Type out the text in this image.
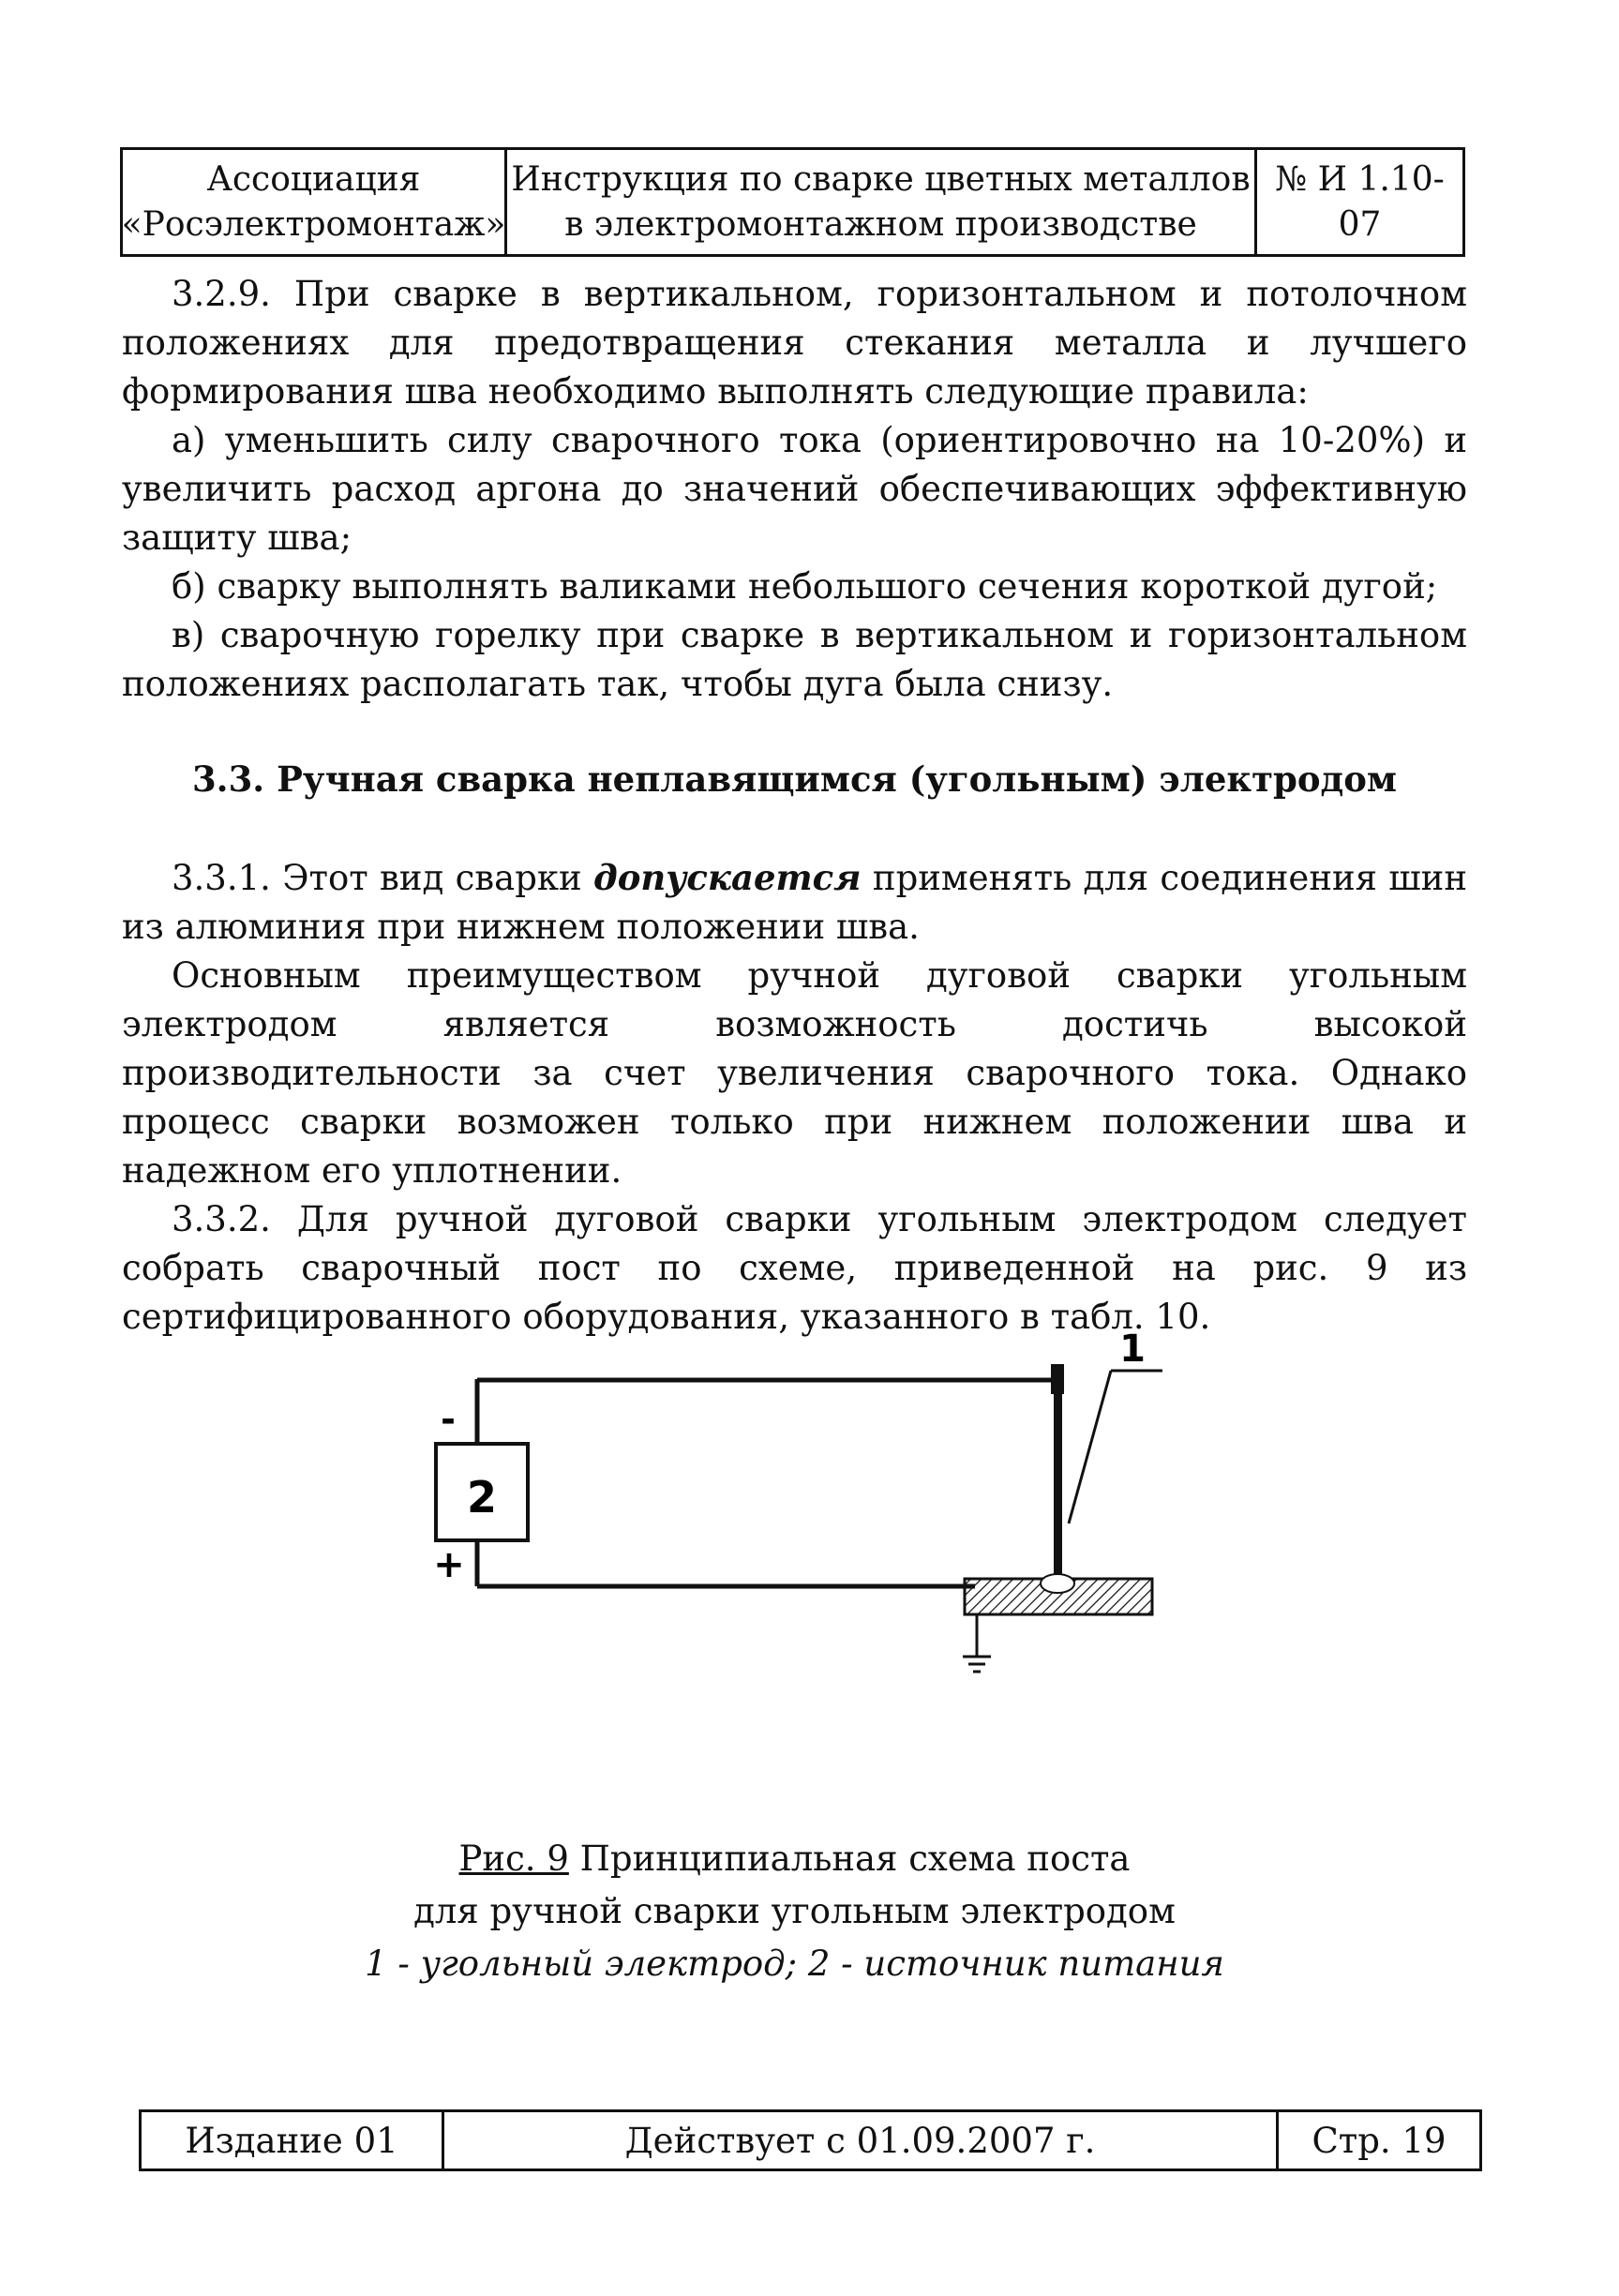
Ассоциация
«Росэлектромонтаж»
Инструкция по сварке цветных металлов
в электромонтажном производстве
№ И 1.10-07

3.2.9. При сварке в вертикальном, горизонтальном и потолочном положениях для предотвращения стекания металла и лучшего формирования шва необходимо выполнять следующие правила:

а) уменьшить силу сварочного тока (ориентировочно на 10-20%) и увеличить расход аргона до значений обеспечивающих эффективную защиту шва;

б) сварку выполнять валиками небольшого сечения короткой дугой;

в) сварочную горелку при сварке в вертикальном и горизонтальном положениях располагать так, чтобы дуга была снизу.

3.3. Ручная сварка неплавящимся (угольным) электродом

3.3.1. Этот вид сварки допускается применять для соединения шин из алюминия при нижнем положении шва.

Основным преимуществом ручной дуговой сварки угольным электродом является возможность достичь высокой производительности за счет увеличения сварочного тока. Однако процесс сварки возможен только при нижнем положении шва и надежном его уплотнении.

3.3.2. Для ручной дуговой сварки угольным электродом следует собрать сварочный пост по схеме, приведенной на рис. 9 из сертифицированного оборудования, указанного в табл. 10.

1
2
-
+
Рис. 9 Принципиальная схема поста
для ручной сварки угольным электродом
1 - угольный электрод; 2 - источник питания
Издание 01	Действует с 01.09.2007 г.	Стр. 19
